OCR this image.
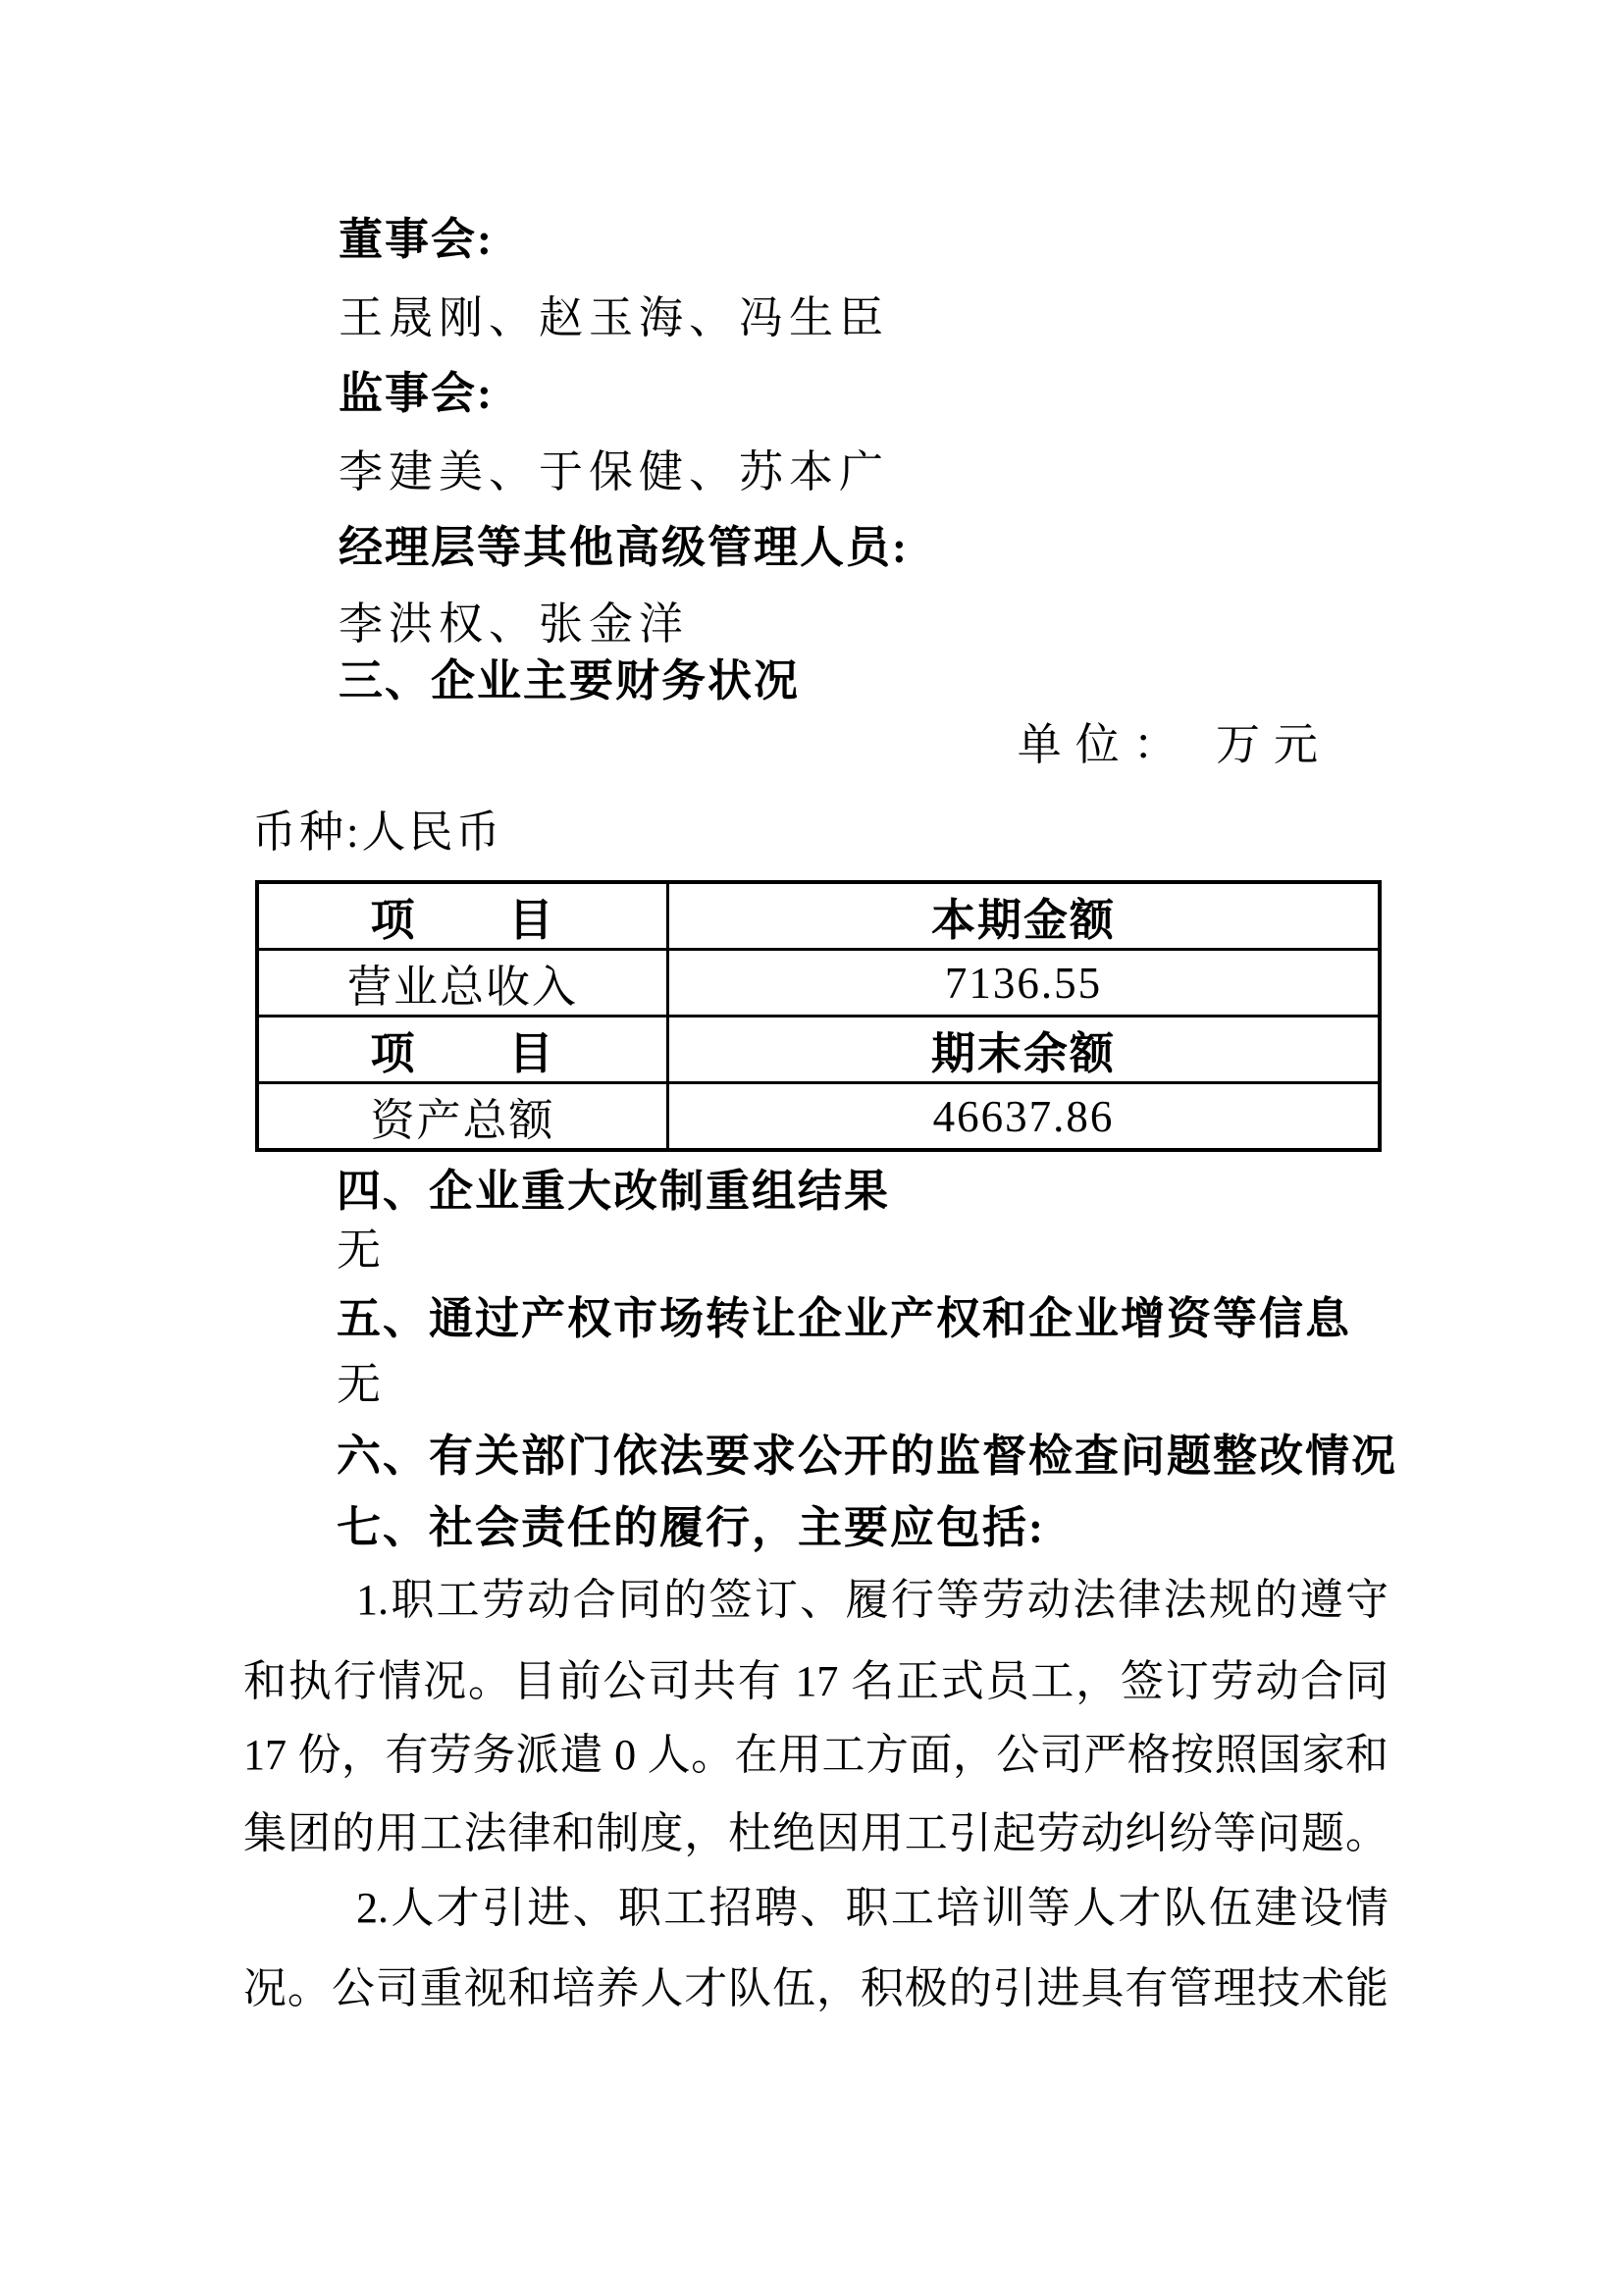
董事会:
王晟刚、赵玉海、冯生臣
监事会:
李建美、于保健、苏本广
经理层等其他高级管理人员:
李洪权、张金洋
三、企业主要财务状况
单位： 万元
币种:人民币
项　　目	本期金额
营业总收入	7136.55
项　　目	期末余额
资产总额	46637.86
四、企业重大改制重组结果
无
五、通过产权市场转让企业产权和企业增资等信息
无
六、有关部门依法要求公开的监督检查问题整改情况
七、社会责任的履行，主要应包括:
1.职工劳动合同的签订、履行等劳动法律法规的遵守
和执行情况。目前公司共有 17 名正式员工，签订劳动合同
17 份，有劳务派遣 0 人。在用工方面，公司严格按照国家和
集团的用工法律和制度，杜绝因用工引起劳动纠纷等问题。
2.人才引进、职工招聘、职工培训等人才队伍建设情
况。公司重视和培养人才队伍，积极的引进具有管理技术能
